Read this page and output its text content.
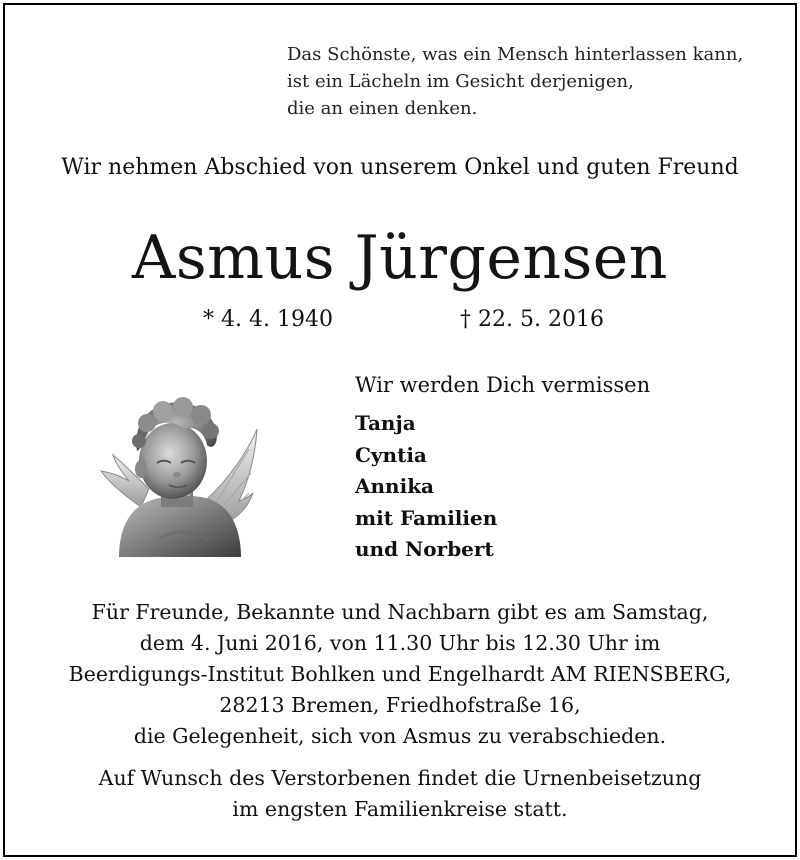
Das Schönste, was ein Mensch hinterlassen kann,
ist ein Lächeln im Gesicht derjenigen,
die an einen denken.
Wir nehmen Abschied von unserem Onkel und guten Freund
Asmus Jürgensen
* 4. 4. 1940	† 22. 5. 2016
Wir werden Dich vermissen
Tanja
Cyntia
Annika
mit Familien
und Norbert
Für Freunde, Bekannte und Nachbarn gibt es am Samstag,
dem 4. Juni 2016, von 11.30 Uhr bis 12.30 Uhr im
Beerdigungs-Institut Bohlken und Engelhardt AM RIENSBERG,
28213 Bremen, Friedhofstraße 16,
die Gelegenheit, sich von Asmus zu verabschieden.
Auf Wunsch des Verstorbenen findet die Urnenbeisetzung
im engsten Familienkreise statt.
